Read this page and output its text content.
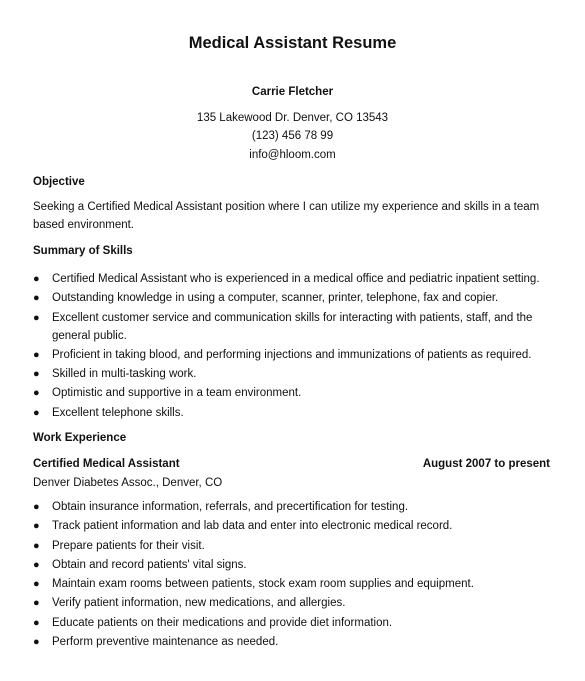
Medical Assistant Resume
Carrie Fletcher
135 Lakewood Dr. Denver, CO 13543
(123) 456 78 99
info@hloom.com
Objective
Seeking a Certified Medical Assistant position where I can utilize my experience and skills in a team based environment.
Summary of Skills
● Certified Medical Assistant who is experienced in a medical office and pediatric inpatient setting.
● Outstanding knowledge in using a computer, scanner, printer, telephone, fax and copier.
● Excellent customer service and communication skills for interacting with patients, staff, and the general public.
● Proficient in taking blood, and performing injections and immunizations of patients as required.
● Skilled in multi-tasking work.
● Optimistic and supportive in a team environment.
● Excellent telephone skills.
Work Experience
Certified Medical Assistant	August 2007 to present
Denver Diabetes Assoc., Denver, CO
● Obtain insurance information, referrals, and precertification for testing.
● Track patient information and lab data and enter into electronic medical record.
● Prepare patients for their visit.
● Obtain and record patients' vital signs.
● Maintain exam rooms between patients, stock exam room supplies and equipment.
● Verify patient information, new medications, and allergies.
● Educate patients on their medications and provide diet information.
● Perform preventive maintenance as needed.
